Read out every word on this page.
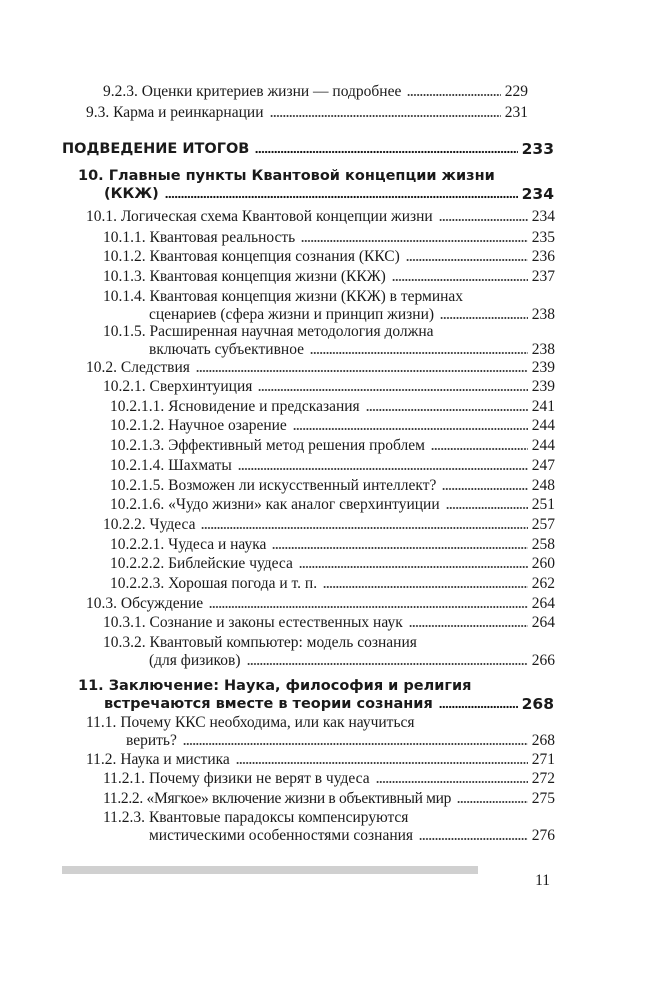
9.2.3. Оценки критериев жизни — подробнее	229
9.3. Карма и реинкарнации	231
ПОДВЕДЕНИЕ ИТОГОВ	233
10. Главные пункты Квантовой концепции жизни
(ККЖ)	234
10.1. Логическая схема Квантовой концепции жизни	234
10.1.1. Квантовая реальность	235
10.1.2. Квантовая концепция сознания (ККС)	236
10.1.3. Квантовая концепция жизни (ККЖ)	237
10.1.4. Квантовая концепция жизни (ККЖ) в терминах
сценариев (сфера жизни и принцип жизни)	238
10.1.5. Расширенная научная методология должна
включать субъективное	238
10.2. Следствия	239
10.2.1. Сверхинтуиция	239
10.2.1.1. Ясновидение и предсказания	241
10.2.1.2. Научное озарение	244
10.2.1.3. Эффективный метод решения проблем	244
10.2.1.4. Шахматы	247
10.2.1.5. Возможен ли искусственный интеллект?	248
10.2.1.6. «Чудо жизни» как аналог сверхинтуиции	251
10.2.2. Чудеса	257
10.2.2.1. Чудеса и наука	258
10.2.2.2. Библейские чудеса	260
10.2.2.3. Хорошая погода и т. п.	262
10.3. Обсуждение	264
10.3.1. Сознание и законы естественных наук	264
10.3.2. Квантовый компьютер: модель сознания
(для физиков)	266
11. Заключение: Наука, философия и религия
встречаются вместе в теории сознания	268
11.1. Почему ККС необходима, или как научиться
верить?	268
11.2. Наука и мистика	271
11.2.1. Почему физики не верят в чудеса	272
11.2.2. «Мягкое» включение жизни в объективный мир	275
11.2.3. Квантовые парадоксы компенсируются
мистическими особенностями сознания	276
11
